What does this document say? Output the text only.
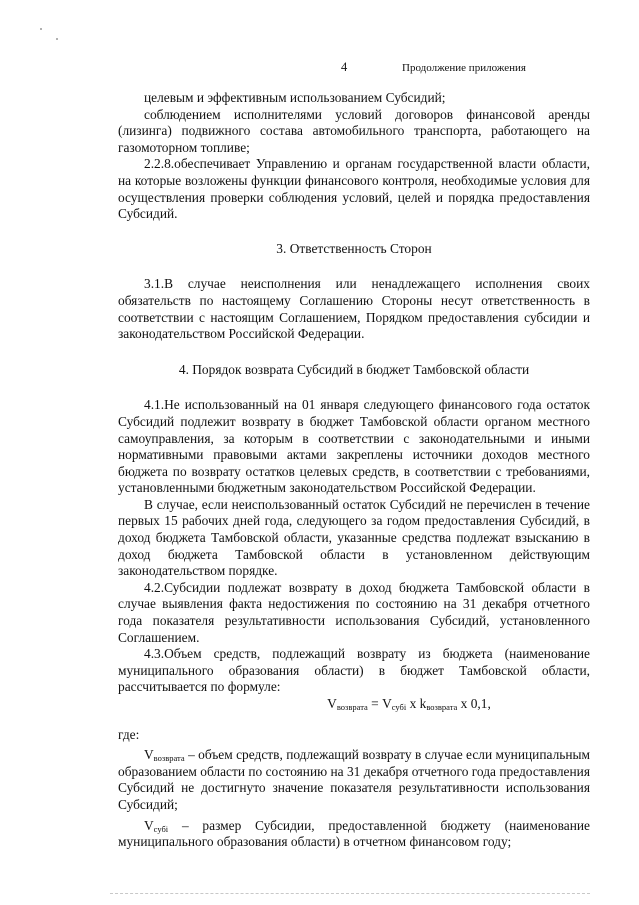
4	Продолжение приложения

целевым и эффективным использованием Субсидий;

соблюдением исполнителями условий договоров финансовой аренды (лизинга) подвижного состава автомобильного транспорта, работающего на газомоторном топливе;

2.2.8.обеспечивает Управлению и органам государственной власти области, на которые возложены функции финансового контроля, необходимые условия для осуществления проверки соблюдения условий, целей и порядка предоставления Субсидий.

3. Ответственность Сторон

3.1.В случае неисполнения или ненадлежащего исполнения своих обязательств по настоящему Соглашению Стороны несут ответственность в соответствии с настоящим Соглашением, Порядком предоставления субсидии и законодательством Российской Федерации.

4. Порядок возврата Субсидий в бюджет Тамбовской области

4.1.Не использованный на 01 января следующего финансового года остаток Субсидий подлежит возврату в бюджет Тамбовской области органом местного самоуправления, за которым в соответствии с законодательными и иными нормативными правовыми актами закреплены источники доходов местного бюджета по возврату остатков целевых средств, в соответствии с требованиями, установленными бюджетным законодательством Российской Федерации.

В случае, если неиспользованный остаток Субсидий не перечислен в течение первых 15 рабочих дней года, следующего за годом предоставления Субсидий, в доход бюджета Тамбовской области, указанные средства подлежат взысканию в доход бюджета Тамбовской области в установленном действующим законодательством порядке.

4.2.Субсидии подлежат возврату в доход бюджета Тамбовской области в случае выявления факта недостижения по состоянию на 31 декабря отчетного года показателя результативности использования Субсидий, установленного Соглашением.

4.3.Объем средств, подлежащий возврату из бюджета (наименование муниципального образования области) в бюджет Тамбовской области, рассчитывается по формуле:

$V_{возврата} = V_{субi}$ x $k_{возврата}$ x 0,1,

где:

$V_{возврата}$ – объем средств, подлежащий возврату в случае если муниципальным образованием области по состоянию на 31 декабря отчетного года предоставления Субсидий не достигнуто значение показателя результативности использования Субсидий;

$V_{субi}$ – размер Субсидии, предоставленной бюджету (наименование муниципального образования области) в отчетном финансовом году;
